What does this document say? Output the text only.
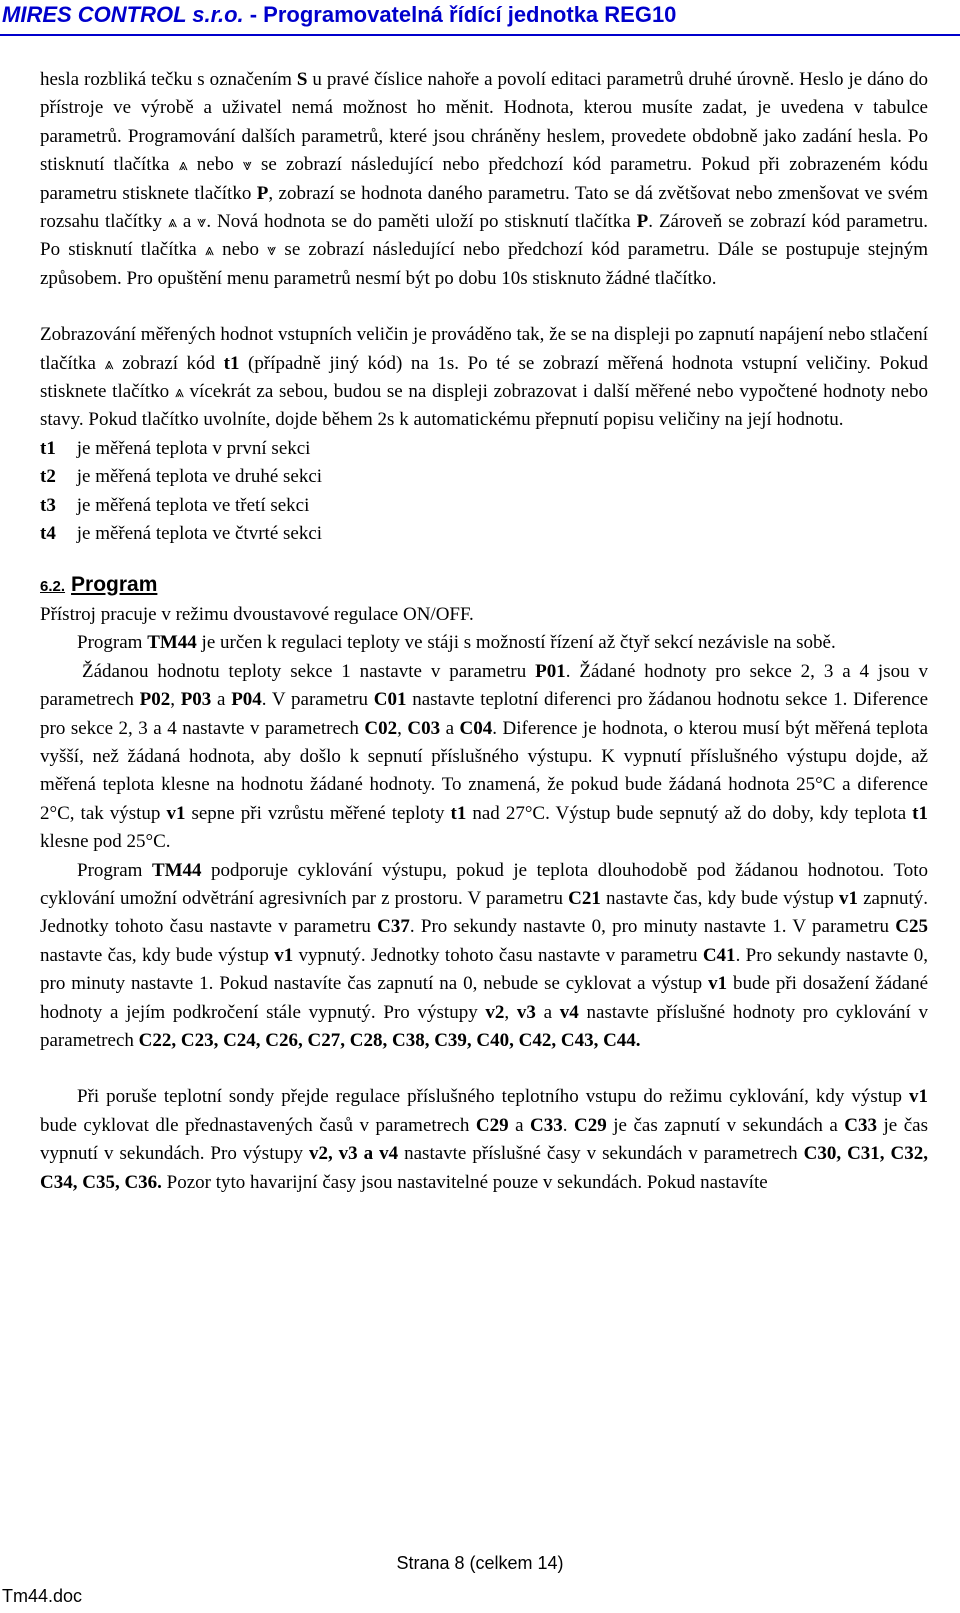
MIRES CONTROL s.r.o. - Programovatelná řídící jednotka REG10

hesla rozbliká tečku s označením S u pravé číslice nahoře a povolí editaci parametrů druhé úrovně. Heslo je dáno do přístroje ve výrobě a uživatel nemá možnost ho měnit. Hodnota, kterou musíte zadat, je uvedena v tabulce parametrů. Programování dalších parametrů, které jsou chráněny heslem, provedete obdobně jako zadání hesla. Po stisknutí tlačítka ⩓ nebo ⩔ se zobrazí následující nebo předchozí kód parametru. Pokud při zobrazeném kódu parametru stisknete tlačítko P, zobrazí se hodnota daného parametru. Tato se dá zvětšovat nebo zmenšovat ve svém rozsahu tlačítky ⩓ a ⩔. Nová hodnota se do paměti uloží po stisknutí tlačítka P. Zároveň se zobrazí kód parametru. Po stisknutí tlačítka ⩓ nebo ⩔ se zobrazí následující nebo předchozí kód parametru. Dále se postupuje stejným způsobem. Pro opuštění menu parametrů nesmí být po dobu 10s stisknuto žádné tlačítko.

Zobrazování měřených hodnot vstupních veličin je prováděno tak, že se na displeji po zapnutí napájení nebo stlačení tlačítka ⩓ zobrazí kód t1 (případně jiný kód) na 1s. Po té se zobrazí měřená hodnota vstupní veličiny. Pokud stisknete tlačítko ⩓ vícekrát za sebou, budou se na displeji zobrazovat i další měřené nebo vypočtené hodnoty nebo stavy. Pokud tlačítko uvolníte, dojde během 2s k automatickému přepnutí popisu veličiny na její hodnotu.

t1 je měřená teplota v první sekci

t2 je měřená teplota ve druhé sekci

t3 je měřená teplota ve třetí sekci

t4 je měřená teplota ve čtvrté sekci

6.2. Program

Přístroj pracuje v režimu dvoustavové regulace ON/OFF.

Program TM44 je určen k regulaci teploty ve stáji s možností řízení až čtyř sekcí nezávisle na sobě.

Žádanou hodnotu teploty sekce 1 nastavte v parametru P01. Žádané hodnoty pro sekce 2, 3 a 4 jsou v parametrech P02, P03 a P04. V parametru C01 nastavte teplotní diferenci pro žádanou hodnotu sekce 1. Diference pro sekce 2, 3 a 4 nastavte v parametrech C02, C03 a C04. Diference je hodnota, o kterou musí být měřená teplota vyšší, než žádaná hodnota, aby došlo k sepnutí příslušného výstupu. K vypnutí příslušného výstupu dojde, až měřená teplota klesne na hodnotu žádané hodnoty. To znamená, že pokud bude žádaná hodnota 25°C a diference 2°C, tak výstup v1 sepne při vzrůstu měřené teploty t1 nad 27°C. Výstup bude sepnutý až do doby, kdy teplota t1 klesne pod 25°C.

Program TM44 podporuje cyklování výstupu, pokud je teplota dlouhodobě pod žádanou hodnotou. Toto cyklování umožní odvětrání agresivních par z prostoru. V parametru C21 nastavte čas, kdy bude výstup v1 zapnutý. Jednotky tohoto času nastavte v parametru C37. Pro sekundy nastavte 0, pro minuty nastavte 1. V parametru C25 nastavte čas, kdy bude výstup v1 vypnutý. Jednotky tohoto času nastavte v parametru C41. Pro sekundy nastavte 0, pro minuty nastavte 1. Pokud nastavíte čas zapnutí na 0, nebude se cyklovat a výstup v1 bude při dosažení žádané hodnoty a jejím podkročení stále vypnutý. Pro výstupy v2, v3 a v4 nastavte příslušné hodnoty pro cyklování v parametrech C22, C23, C24, C26, C27, C28, C38, C39, C40, C42, C43, C44.

Při poruše teplotní sondy přejde regulace příslušného teplotního vstupu do režimu cyklování, kdy výstup v1 bude cyklovat dle přednastavených časů v parametrech C29 a C33. C29 je čas zapnutí v sekundách a C33 je čas vypnutí v sekundách. Pro výstupy v2, v3 a v4 nastavte příslušné časy v sekundách v parametrech C30, C31, C32, C34, C35, C36. Pozor tyto havarijní časy jsou nastavitelné pouze v sekundách. Pokud nastavíte

Strana 8 (celkem 14)
Tm44.doc
